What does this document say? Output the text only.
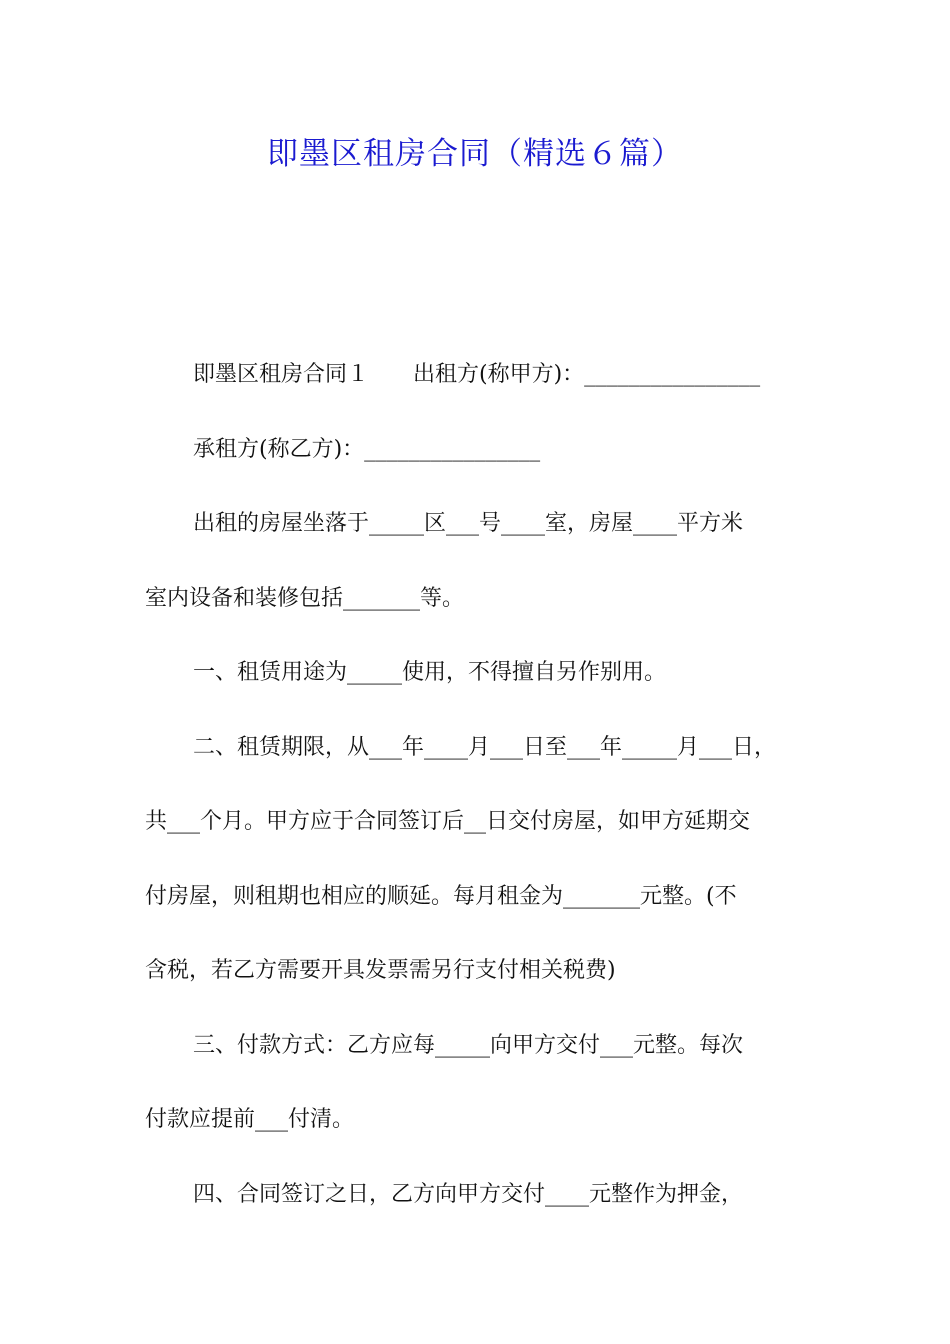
即墨区租房合同（精选６篇）
即墨区租房合同１ 出租方(称甲方)：________________
承租方(称乙方)：________________
出租的房屋坐落于_____区___号____室，房屋____平方米
室内设备和装修包括_______等。
一、租赁用途为_____使用，不得擅自另作别用。
二、租赁期限，从___年____月___日至___年_____月___日，
共___个月。甲方应于合同签订后__日交付房屋，如甲方延期交
付房屋，则租期也相应的顺延。每月租金为_______元整。(不
含税，若乙方需要开具发票需另行支付相关税费)
三、付款方式：乙方应每_____向甲方交付___元整。每次
付款应提前___付清。
四、合同签订之日，乙方向甲方交付____元整作为押金，
